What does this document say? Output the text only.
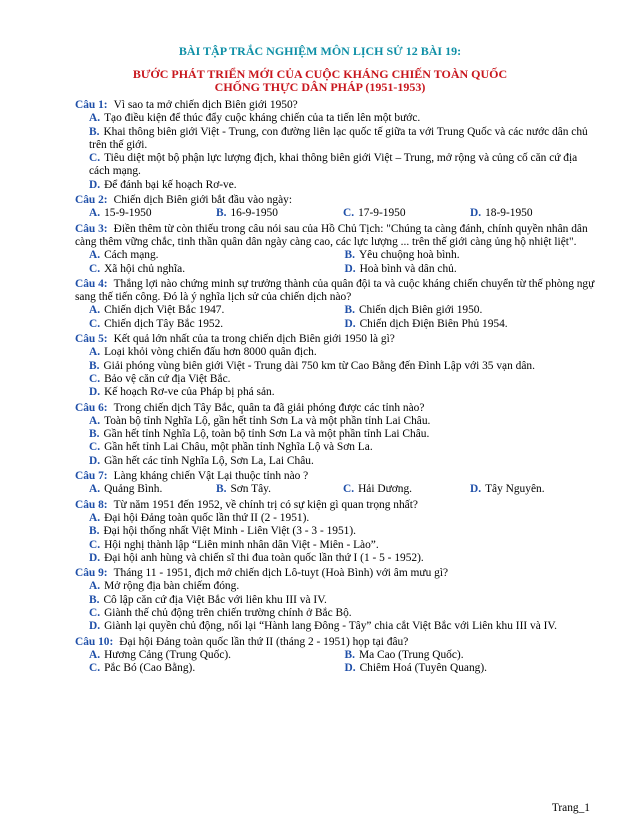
BÀI TẬP TRẮC NGHIỆM MÔN LỊCH SỬ 12 BÀI 19:
BƯỚC PHÁT TRIỂN MỚI CỦA CUỘC KHÁNG CHIẾN TOÀN QUỐC
CHỐNG THỰC DÂN PHÁP (1951-1953)
Câu 1: Vì sao ta mở chiến dịch Biên giới 1950?
A. Tạo điều kiện để thúc đẩy cuộc kháng chiến của ta tiến lên một bước.
B. Khai thông biên giới Việt - Trung, con đường liên lạc quốc tế giữa ta với Trung Quốc và các nước dân chủ trên thế giới.
C. Tiêu diệt một bộ phận lực lượng địch, khai thông biên giới Việt – Trung, mở rộng và củng cố căn cứ địa cách mạng.
D. Để đánh bại kế hoạch Rơ-ve.
Câu 2: Chiến dịch Biên giới bắt đầu vào ngày:
A. 15-9-1950	B. 16-9-1950	C. 17-9-1950	D. 18-9-1950
Câu 3: Điền thêm từ còn thiếu trong câu nói sau của Hồ Chủ Tịch: "Chúng ta càng đánh, chính quyền nhân dân càng thêm vững chắc, tinh thần quân dân ngày càng cao, các lực lượng ... trên thế giới càng ủng hộ nhiệt liệt".
A. Cách mạng.	B. Yêu chuộng hoà bình.
C. Xã hội chủ nghĩa.	D. Hoà bình và dân chủ.
Câu 4: Thắng lợi nào chứng minh sự trưởng thành của quân đội ta và cuộc kháng chiến chuyển từ thế phòng ngự sang thế tiến công. Đó là ý nghĩa lịch sử của chiến dịch nào?
A. Chiến dịch Việt Bắc 1947.	B. Chiến dịch Biên giới 1950.
C. Chiến dịch Tây Bắc 1952.	D. Chiến dịch Điện Biên Phủ 1954.
Câu 5: Kết quả lớn nhất của ta trong chiến dịch Biên giới 1950 là gì?
A. Loại khỏi vòng chiến đấu hơn 8000 quân địch.
B. Giải phóng vùng biên giới Việt - Trung dài 750 km từ Cao Bằng đến Đình Lập với 35 vạn dân.
C. Bảo vệ căn cứ địa Việt Bắc.
D. Kế hoạch Rơ-ve của Pháp bị phá sản.
Câu 6: Trong chiến dịch Tây Bắc, quân ta đã giải phóng được các tỉnh nào?
A. Toàn bộ tỉnh Nghĩa Lộ, gần hết tỉnh Sơn La và một phần tỉnh Lai Châu.
B. Gần hết tỉnh Nghĩa Lộ, toàn bộ tỉnh Sơn La và một phần tỉnh Lai Châu.
C. Gần hết tỉnh Lai Châu, một phần tỉnh Nghĩa Lộ và Sơn La.
D. Gần hết các tỉnh Nghĩa Lộ, Sơn La, Lai Châu.
Câu 7: Làng kháng chiến Vật Lại thuộc tỉnh nào ?
A. Quảng Bình.	B. Sơn Tây.	C. Hải Dương.	D. Tây Nguyên.
Câu 8: Từ năm 1951 đến 1952, về chính trị có sự kiện gì quan trọng nhất?
A. Đại hội Đảng toàn quốc lần thứ II (2 - 1951).
B. Đại hội thống nhất Việt Minh - Liên Việt (3 - 3 - 1951).
C. Hội nghị thành lập “Liên minh nhân dân Việt - Miên - Lào”.
D. Đại hội anh hùng và chiến sĩ thi đua toàn quốc lần thứ I (1 - 5 - 1952).
Câu 9: Tháng 11 - 1951, địch mở chiến dịch Lô-tuyt (Hoà Bình) với âm mưu gì?
A. Mở rộng địa bàn chiếm đóng.
B. Cô lập căn cứ địa Việt Bắc với liên khu III và IV.
C. Giành thế chủ động trên chiến trường chính ở Bắc Bộ.
D. Giành lại quyền chủ động, nối lại “Hành lang Đông - Tây” chia cắt Việt Bắc với Liên khu III và IV.
Câu 10: Đại hội Đảng toàn quốc lần thứ II (tháng 2 - 1951) họp tại đâu?
A. Hương Cảng (Trung Quốc).	B. Ma Cao (Trung Quốc).
C. Pắc Bó (Cao Bằng).	D. Chiêm Hoá (Tuyên Quang).
Trang_1
